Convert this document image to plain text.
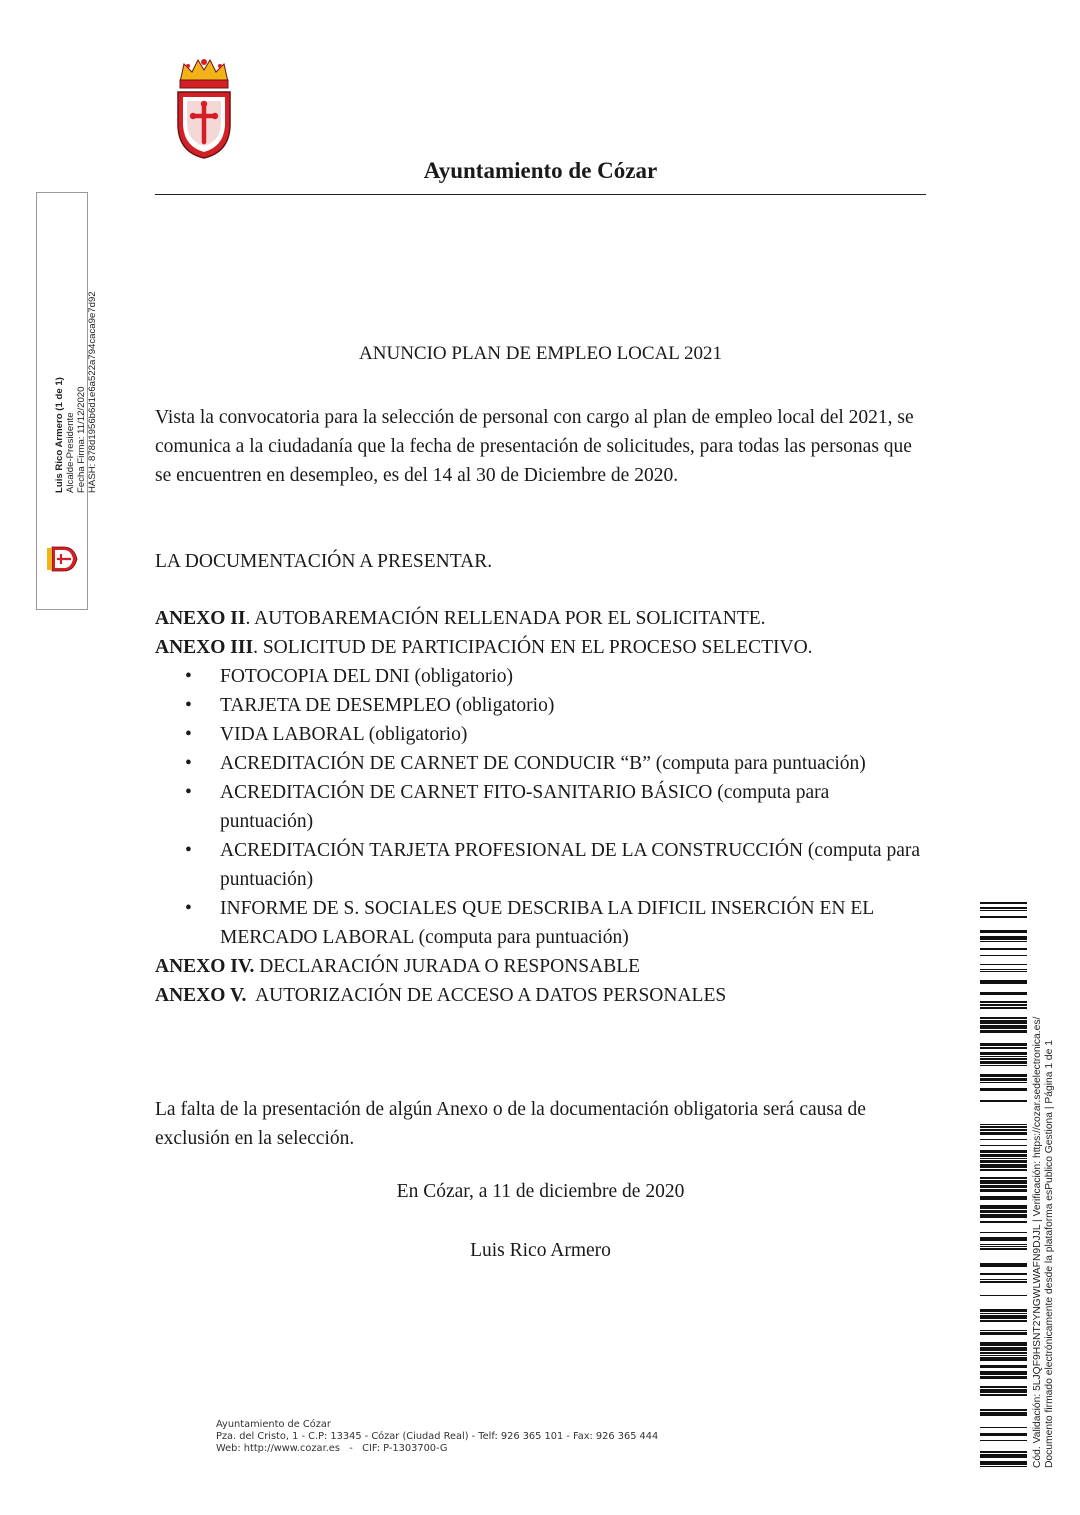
Ayuntamiento de Cózar
Luis Rico Armero (1 de 1) Alcalde-Presidente Fecha Firma: 11/12/2020 HASH: 878d1956b6d1e6a522a794caca9e7d92	ANUNCIO PLAN DE EMPLEO LOCAL 2021

Vista la convocatoria para la selección de personal con cargo al plan de empleo local del 2021, se comunica a la ciudadanía que la fecha de presentación de solicitudes, para todas las personas que se encuentren en desempleo, es del 14 al 30 de Diciembre de 2020.

LA DOCUMENTACIÓN A PRESENTAR.
ANEXO II. AUTOBAREMACIÓN RELLENADA POR EL SOLICITANTE.
ANEXO III. SOLICITUD DE PARTICIPACIÓN EN EL PROCESO SELECTIVO.
• FOTOCOPIA DEL DNI (obligatorio)
• TARJETA DE DESEMPLEO (obligatorio)
• VIDA LABORAL (obligatorio)
• ACREDITACIÓN DE CARNET DE CONDUCIR “B” (computa para puntuación)
• ACREDITACIÓN DE CARNET FITO-SANITARIO BÁSICO (computa para puntuación)
• ACREDITACIÓN TARJETA PROFESIONAL DE LA CONSTRUCCIÓN (computa para puntuación)
• INFORME DE S. SOCIALES QUE DESCRIBA LA DIFICIL INSERCIÓN EN EL MERCADO LABORAL (computa para puntuación)
ANEXO IV. DECLARACIÓN JURADA O RESPONSABLE
ANEXO V.  AUTORIZACIÓN DE ACCESO A DATOS PERSONALES

La falta de la presentación de algún Anexo o de la documentación obligatoria será causa de exclusión en la selección.

En Cózar, a 11 de diciembre de 2020
Luis Rico Armero	Cód. Validación: 5LJQF9HSNT2YNGWLWAFN9DJJL | Verificación: https://cozar.sedelectronica.es/ Documento firmado electrónicamente desde la plataforma esPublico Gestiona | Página 1 de 1
Ayuntamiento de Cózar
Pza. del Cristo, 1 - C.P: 13345 - Cózar (Ciudad Real) - Telf: 926 365 101 - Fax: 926 365 444
Web: http://www.cozar.es   -   CIF: P-1303700-G
